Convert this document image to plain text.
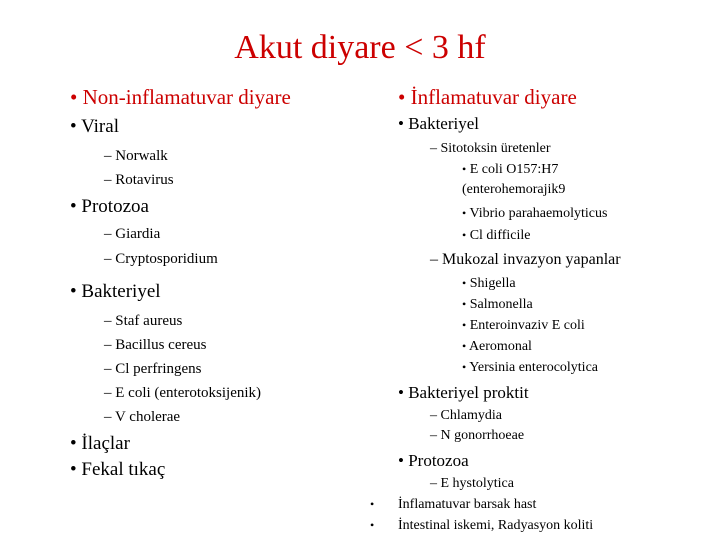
Akut diyare < 3 hf
• Non-inflamatuvar diyare
• Viral
– Norwalk
– Rotavirus
• Protozoa
– Giardia
– Cryptosporidium
• Bakteriyel
– Staf aureus
– Bacillus cereus
– Cl perfringens
– E coli (enterotoksijenik)
– V cholerae
• İlaçlar
• Fekal tıkaç
• İnflamatuvar diyare
• Bakteriyel
– Sitotoksin üretenler
• E coli O157:H7
(enterohemorajik9
• Vibrio parahaemolyticus
• Cl difficile
– Mukozal invazyon yapanlar
• Shigella
• Salmonella
• Enteroinvaziv E coli
• Aeromonal
• Yersinia enterocolytica
• Bakteriyel proktit
– Chlamydia
– N gonorrhoeae
• Protozoa
– E hystolytica
• İnflamatuvar barsak hast
• İntestinal iskemi, Radyasyon koliti
